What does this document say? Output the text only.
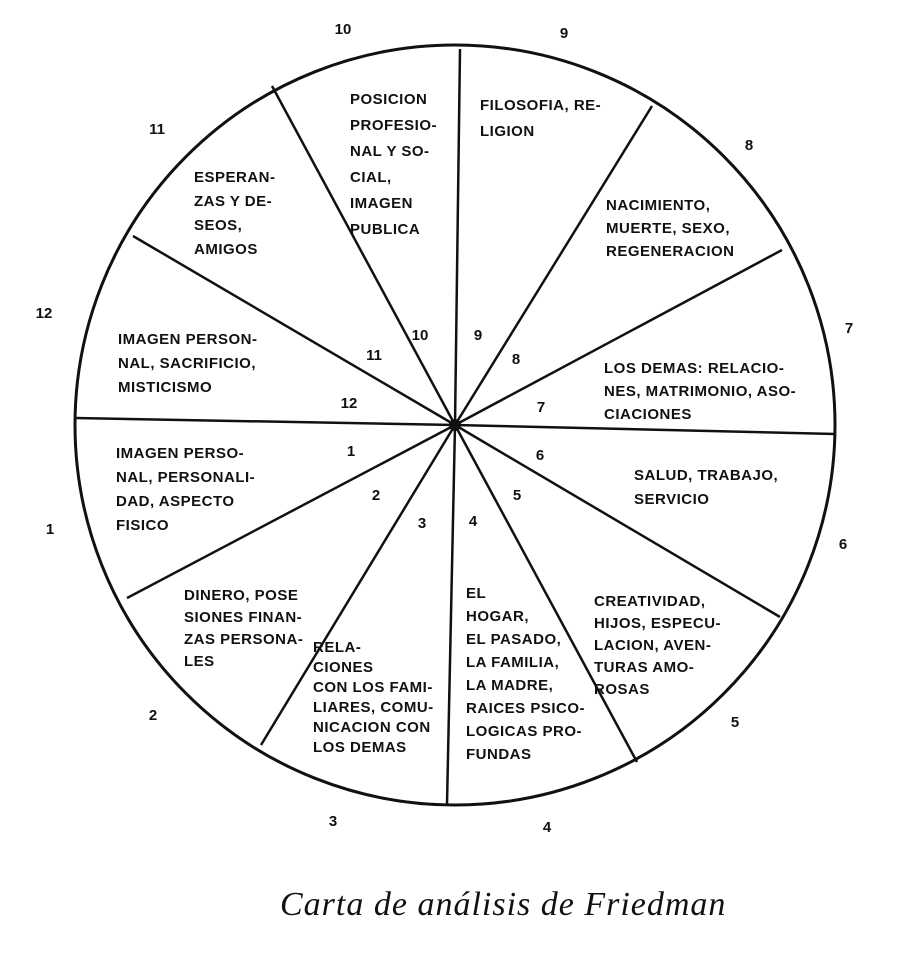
IMAGEN PERSO-NAL, PERSONALI-DAD, ASPECTO FISICO
DINERO, POSE SIONES FINAN-ZAS PERSONA-LES
RELA-CIONES CON LOS FAMI-LIARES, COMU-NICACION CON LOS DEMAS
EL HOGAR, EL PASADO, LA FAMILIA, LA MADRE, RAICES PSICO-LOGICAS PRO-FUNDAS
CREATIVIDAD, HIJOS, ESPECU-LACION, AVEN-TURAS AMO-ROSAS
SALUD, TRABAJO, SERVICIO
LOS DEMAS: RELACIO-NES, MATRIMONIO, ASO-CIACIONES
NACIMIENTO, MUERTE, SEXO, REGENERACION
FILOSOFIA, RE-LIGION
POSICION PROFESIO-NAL Y SO-CIAL, IMAGEN PUBLICA
ESPERAN-ZAS Y DE-SEOS, AMIGOS
IMAGEN PERSON-NAL, SACRIFICIO, MISTICISMO
1
2
3	4
5
6
7
8
9
10
11
12
1
2
3	4
5
6
7
8
9
10
11
12
Carta de análisis de Friedman
